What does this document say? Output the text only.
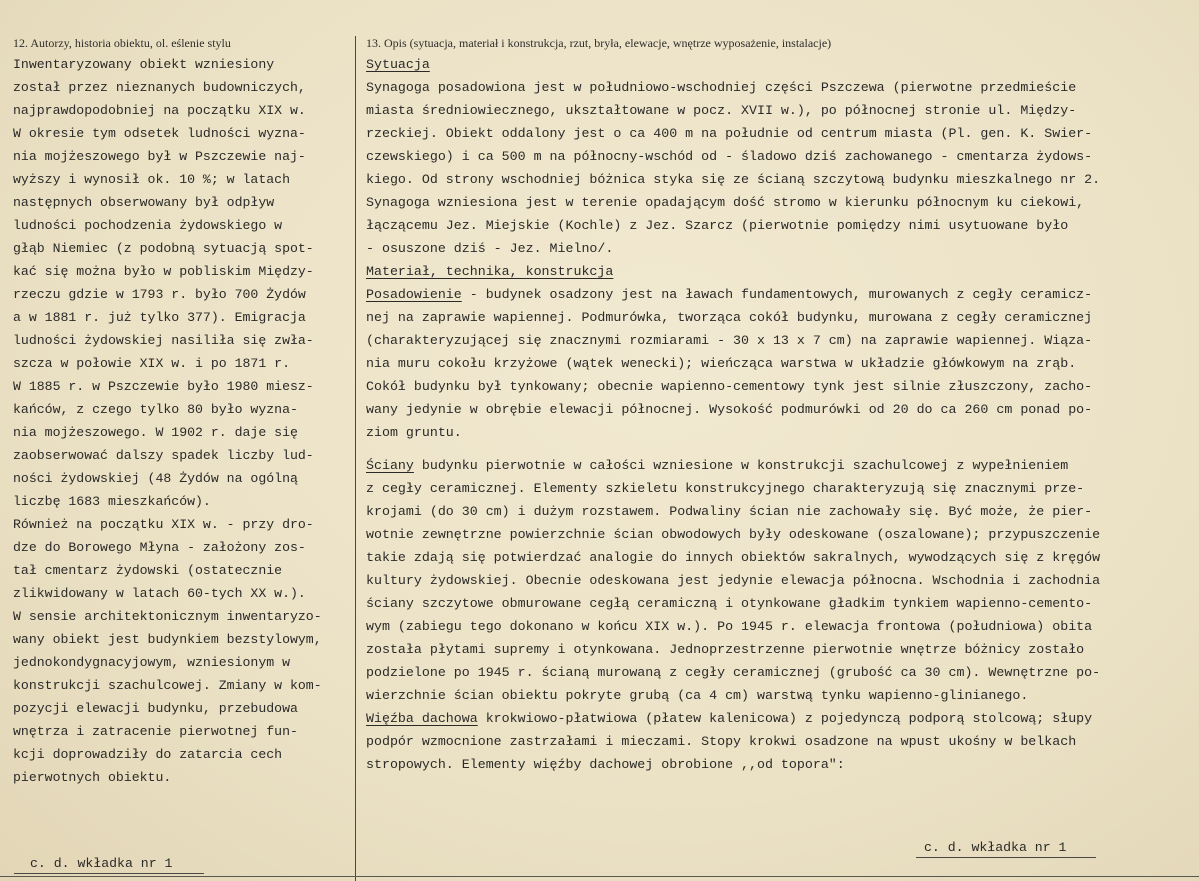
12. Autorzy, historia obiektu, ol. eślenie stylu	13. Opis (sytuacja, materiał i konstrukcja, rzut, bryła, elewacje, wnętrze wyposażenie, instalacje)
Inwentaryzowany obiekt wzniesiony
został przez nieznanych budowniczych,
najprawdopodobniej na początku XIX w.
W okresie tym odsetek ludności wyzna-
nia mojżeszowego był w Pszczewie naj-
wyższy i wynosił ok. 10 %; w latach
następnych obserwowany był odpływ
ludności pochodzenia żydowskiego w
głąb Niemiec (z podobną sytuacją spot-
kać się można było w pobliskim Między-
rzeczu gdzie w 1793 r. było 700 Żydów
a w 1881 r. już tylko 377). Emigracja
ludności żydowskiej nasiliła się zwła-
szcza w połowie XIX w. i po 1871 r.
W 1885 r. w Pszczewie było 1980 miesz-
kańców, z czego tylko 80 było wyzna-
nia mojżeszowego. W 1902 r. daje się
zaobserwować dalszy spadek liczby lud-
ności żydowskiej (48 Żydów na ogólną
liczbę 1683 mieszkańców).
Również na początku XIX w. - przy dro-
dze do Borowego Młyna - założony zos-
tał cmentarz żydowski (ostatecznie
zlikwidowany w latach 60-tych XX w.).
W sensie architektonicznym inwentaryzo-
wany obiekt jest budynkiem bezstylowym,
jednokondygnacyjowym, wzniesionym w
konstrukcji szachulcowej. Zmiany w kom-
pozycji elewacji budynku, przebudowa
wnętrza i zatracenie pierwotnej fun-
kcji doprowadziły do zatarcia cech
pierwotnych obiektu.
Sytuacja
Synagoga posadowiona jest w południowo-wschodniej części Pszczewa (pierwotne przedmieście
miasta średniowiecznego, ukształtowane w pocz. XVII w.), po północnej stronie ul. Między-
rzeckiej. Obiekt oddalony jest o ca 400 m na południe od centrum miasta (Pl. gen. K. Swier-
czewskiego) i ca 500 m na północny-wschód od - śladowo dziś zachowanego - cmentarza żydows-
kiego. Od strony wschodniej bóżnica styka się ze ścianą szczytową budynku mieszkalnego nr 2.
Synagoga wzniesiona jest w terenie opadającym dość stromo w kierunku północnym ku ciekowi,
łączącemu Jez. Miejskie (Kochle) z Jez. Szarcz (pierwotnie pomiędzy nimi usytuowane było
- osuszone dziś - Jez. Mielno/.
Materiał, technika, konstrukcja
Posadowienie - budynek osadzony jest na ławach fundamentowych, murowanych z cegły ceramicz-
nej na zaprawie wapiennej. Podmurówka, tworząca cokół budynku, murowana z cegły ceramicznej
(charakteryzującej się znacznymi rozmiarami - 30 x 13 x 7 cm) na zaprawie wapiennej. Wiąza-
nia muru cokołu krzyżowe (wątek wenecki); wieńcząca warstwa w układzie główkowym na zrąb.
Cokół budynku był tynkowany; obecnie wapienno-cementowy tynk jest silnie złuszczony, zacho-
wany jedynie w obrębie elewacji północnej. Wysokość podmurówki od 20 do ca 260 cm ponad po-
ziom gruntu.
Ściany budynku pierwotnie w całości wzniesione w konstrukcji szachulcowej z wypełnieniem
z cegły ceramicznej. Elementy szkieletu konstrukcyjnego charakteryzują się znacznymi prze-
krojami (do 30 cm) i dużym rozstawem. Podwaliny ścian nie zachowały się. Być może, że pier-
wotnie zewnętrzne powierzchnie ścian obwodowych były odeskowane (oszalowane); przypuszczenie
takie zdają się potwierdzać analogie do innych obiektów sakralnych, wywodzących się z kręgów
kultury żydowskiej. Obecnie odeskowana jest jedynie elewacja północna. Wschodnia i zachodnia
ściany szczytowe obmurowane cegłą ceramiczną i otynkowane gładkim tynkiem wapienno-cemento-
wym (zabiegu tego dokonano w końcu XIX w.). Po 1945 r. elewacja frontowa (południowa) obita
została płytami supremy i otynkowana. Jednoprzestrzenne pierwotnie wnętrze bóżnicy zostało
podzielone po 1945 r. ścianą murowaną z cegły ceramicznej (grubość ca 30 cm). Wewnętrzne po-
wierzchnie ścian obiektu pokryte grubą (ca 4 cm) warstwą tynku wapienno-glinianego.
Więźba dachowa krokwiowo-płatwiowa (płatew kalenicowa) z pojedynczą podporą stolcową; słupy
podpór wzmocnione zastrzałami i mieczami. Stopy krokwi osadzone na wpust ukośny w belkach
stropowych. Elementy więźby dachowej obrobione ,,od topora":
c. d. wkładka nr 1
c. d. wkładka nr 1
